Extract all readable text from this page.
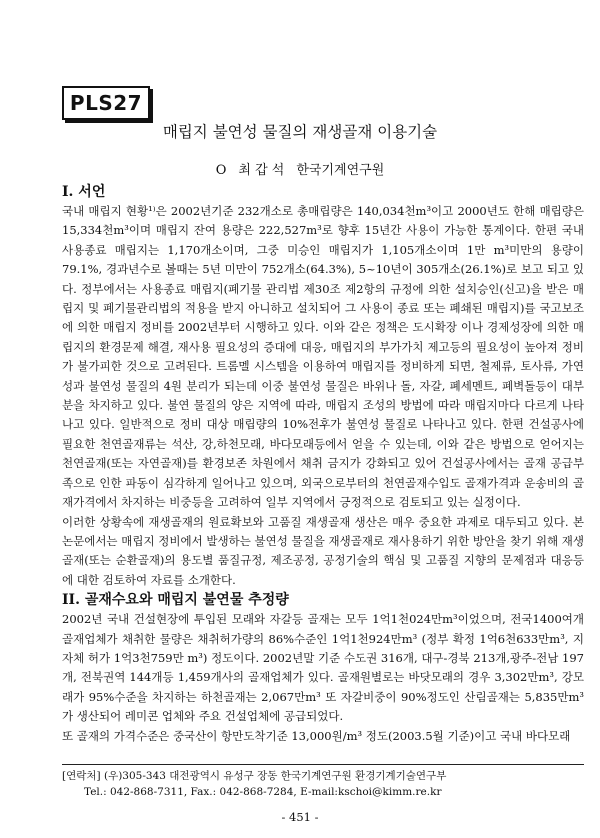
PLS27
매립지 불연성 물질의 재생골재 이용기술
O 최 갑 석 한국기계연구원
I. 서언

국내 매립지 현황¹⁾은 2002년기준 232개소로 총매립량은 140,034천m³이고 2000년도 한해 매립량은 15,334천m³이며 매립지 잔여 용량은 222,527m³로 향후 15년간 사용이 가능한 통계이다. 한편 국내 사용종료 매립지는 1,170개소이며, 그중 미승인 매립지가 1,105개소이며 1만 m³미만의 용량이 79.1%, 경과년수로 볼때는 5년 미만이 752개소(64.3%), 5~10년이 305개소(26.1%)로 보고 되고 있다. 정부에서는 사용종료 매립지(폐기물 관리법 제30조 제2항의 규정에 의한 설치승인(신고)을 받은 매립지 및 폐기물관리법의 적용을 받지 아니하고 설치되어 그 사용이 종료 또는 폐쇄된 매립지)를 국고보조에 의한 매립지 정비를 2002년부터 시행하고 있다. 이와 같은 정책은 도시확장 이나 경제성장에 의한 매립지의 환경문제 해결, 재사용 필요성의 증대에 대응, 매립지의 부가가치 제고등의 필요성이 높아져 정비가 불가피한 것으로 고려된다. 트롬멜 시스템을 이용하여 매립지를 정비하게 되면, 철제류, 토사류, 가연성과 불연성 물질의 4원 분리가 되는데 이중 불연성 물질은 바위나 돌, 자갈, 폐세멘트, 폐벽돌등이 대부분을 차지하고 있다. 불연 물질의 양은 지역에 따라, 매립지 조성의 방법에 따라 매립지마다 다르게 나타나고 있다. 일반적으로 정비 대상 매립량의 10%전후가 불연성 물질로 나타나고 있다. 한편 건설공사에 필요한 천연골재류는 석산, 강,하천모래, 바다모래등에서 얻을 수 있는데, 이와 같은 방법으로 얻어지는 천연골재(또는 자연골재)를 환경보존 차원에서 채취 금지가 강화되고 있어 건설공사에서는 골재 공급부족으로 인한 파동이 심각하게 일어나고 있으며, 외국으로부터의 천연골재수입도 골재가격과 운송비의 골재가격에서 차지하는 비중등을 고려하여 일부 지역에서 긍정적으로 검토되고 있는 실정이다.

이러한 상황속에 재생골재의 원료확보와 고품질 재생골재 생산은 매우 중요한 과제로 대두되고 있다. 본 논문에서는 매립지 정비에서 발생하는 불연성 물질을 재생골재로 재사용하기 위한 방안을 찾기 위해 재생골재(또는 순환골재)의 용도별 품질규정, 제조공정, 공정기술의 핵심 및 고품질 지향의 문제점과 대응등에 대한 검토하여 자료를 소개한다.

II. 골재수요와 매립지 불연물 추정량

2002년 국내 건설현장에 투입된 모래와 자갈등 골재는 모두 1억1천024만m³이었으며, 전국1400여개 골재업체가 채취한 물량은 채취허가량의 86%수준인 1억1천924만m³ (정부 확정 1억6천633만m³, 지자체 허가 1억3천759만 m³) 정도이다. 2002년말 기준 수도권 316개, 대구-경북 213개,광주-전남 197개, 전북권역 144개등 1,459개사의 골재업체가 있다. 골재원별로는 바닷모래의 경우 3,302만m³, 강모래가 95%수준을 차지하는 하천골재는 2,067만m³ 또 자갈비중이 90%정도인 산림골재는 5,835만m³가 생산되어 레미콘 업체와 주요 건설업체에 공급되었다.

또 골재의 가격수준은 중국산이 항만도착기준 13,000원/m³ 정도(2003.5월 기준)이고 국내 바다모래

[연락처] (우)305-343 대전광역시 유성구 장동 한국기계연구원 환경기계기술연구부
Tel.: 042-868-7311, Fax.: 042-868-7284, E-mail:kschoi@kimm.re.kr
- 451 -
